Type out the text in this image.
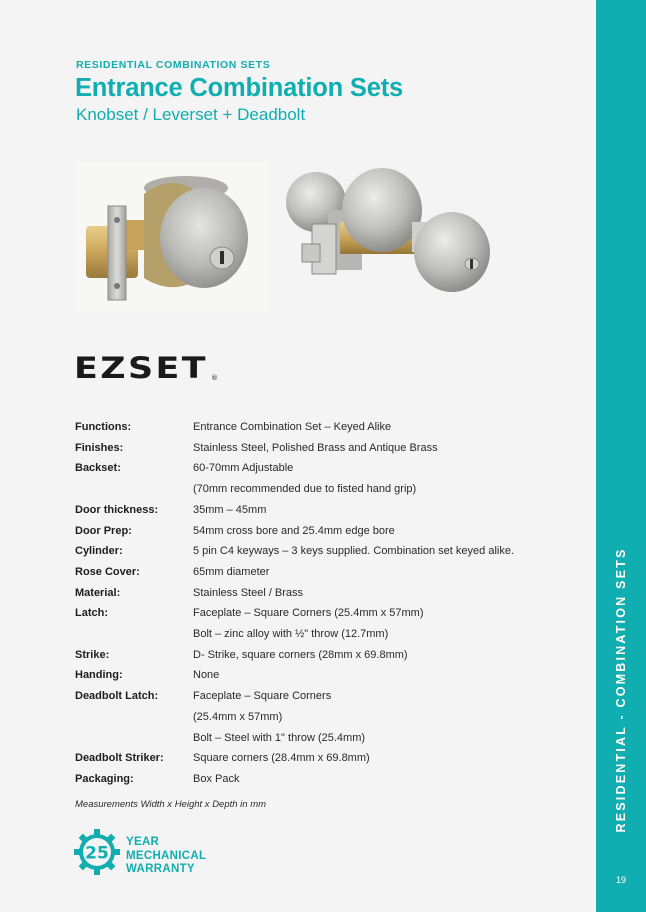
RESIDENTIAL - COMBINATION SETS
19
RESIDENTIAL COMBINATION SETS
Entrance Combination Sets
Knobset / Leverset + Deadbolt
EZSET ®
Functions:	Entrance Combination Set – Keyed Alike
Finishes:	Stainless Steel, Polished Brass and Antique Brass
Backset:	60-70mm Adjustable
(70mm recommended due to fisted hand grip)
Door thickness:	35mm – 45mm
Door Prep:	54mm cross bore and 25.4mm edge bore
Cylinder:	5 pin C4 keyways – 3 keys supplied. Combination set keyed alike.
Rose Cover:	65mm diameter
Material:	Stainless Steel / Brass
Latch:	Faceplate – Square Corners (25.4mm x 57mm)
Bolt – zinc alloy with ½" throw (12.7mm)
Strike:	D- Strike, square corners (28mm x 69.8mm)
Handing:	None
Deadbolt Latch:	Faceplate – Square Corners
(25.4mm x 57mm)
Bolt – Steel with 1" throw (25.4mm)
Deadbolt Striker:	Square corners (28.4mm x 69.8mm)
Packaging:	Box Pack
Measurements Width x Height x Depth in mm
25
YEAR
MECHANICAL
WARRANTY
